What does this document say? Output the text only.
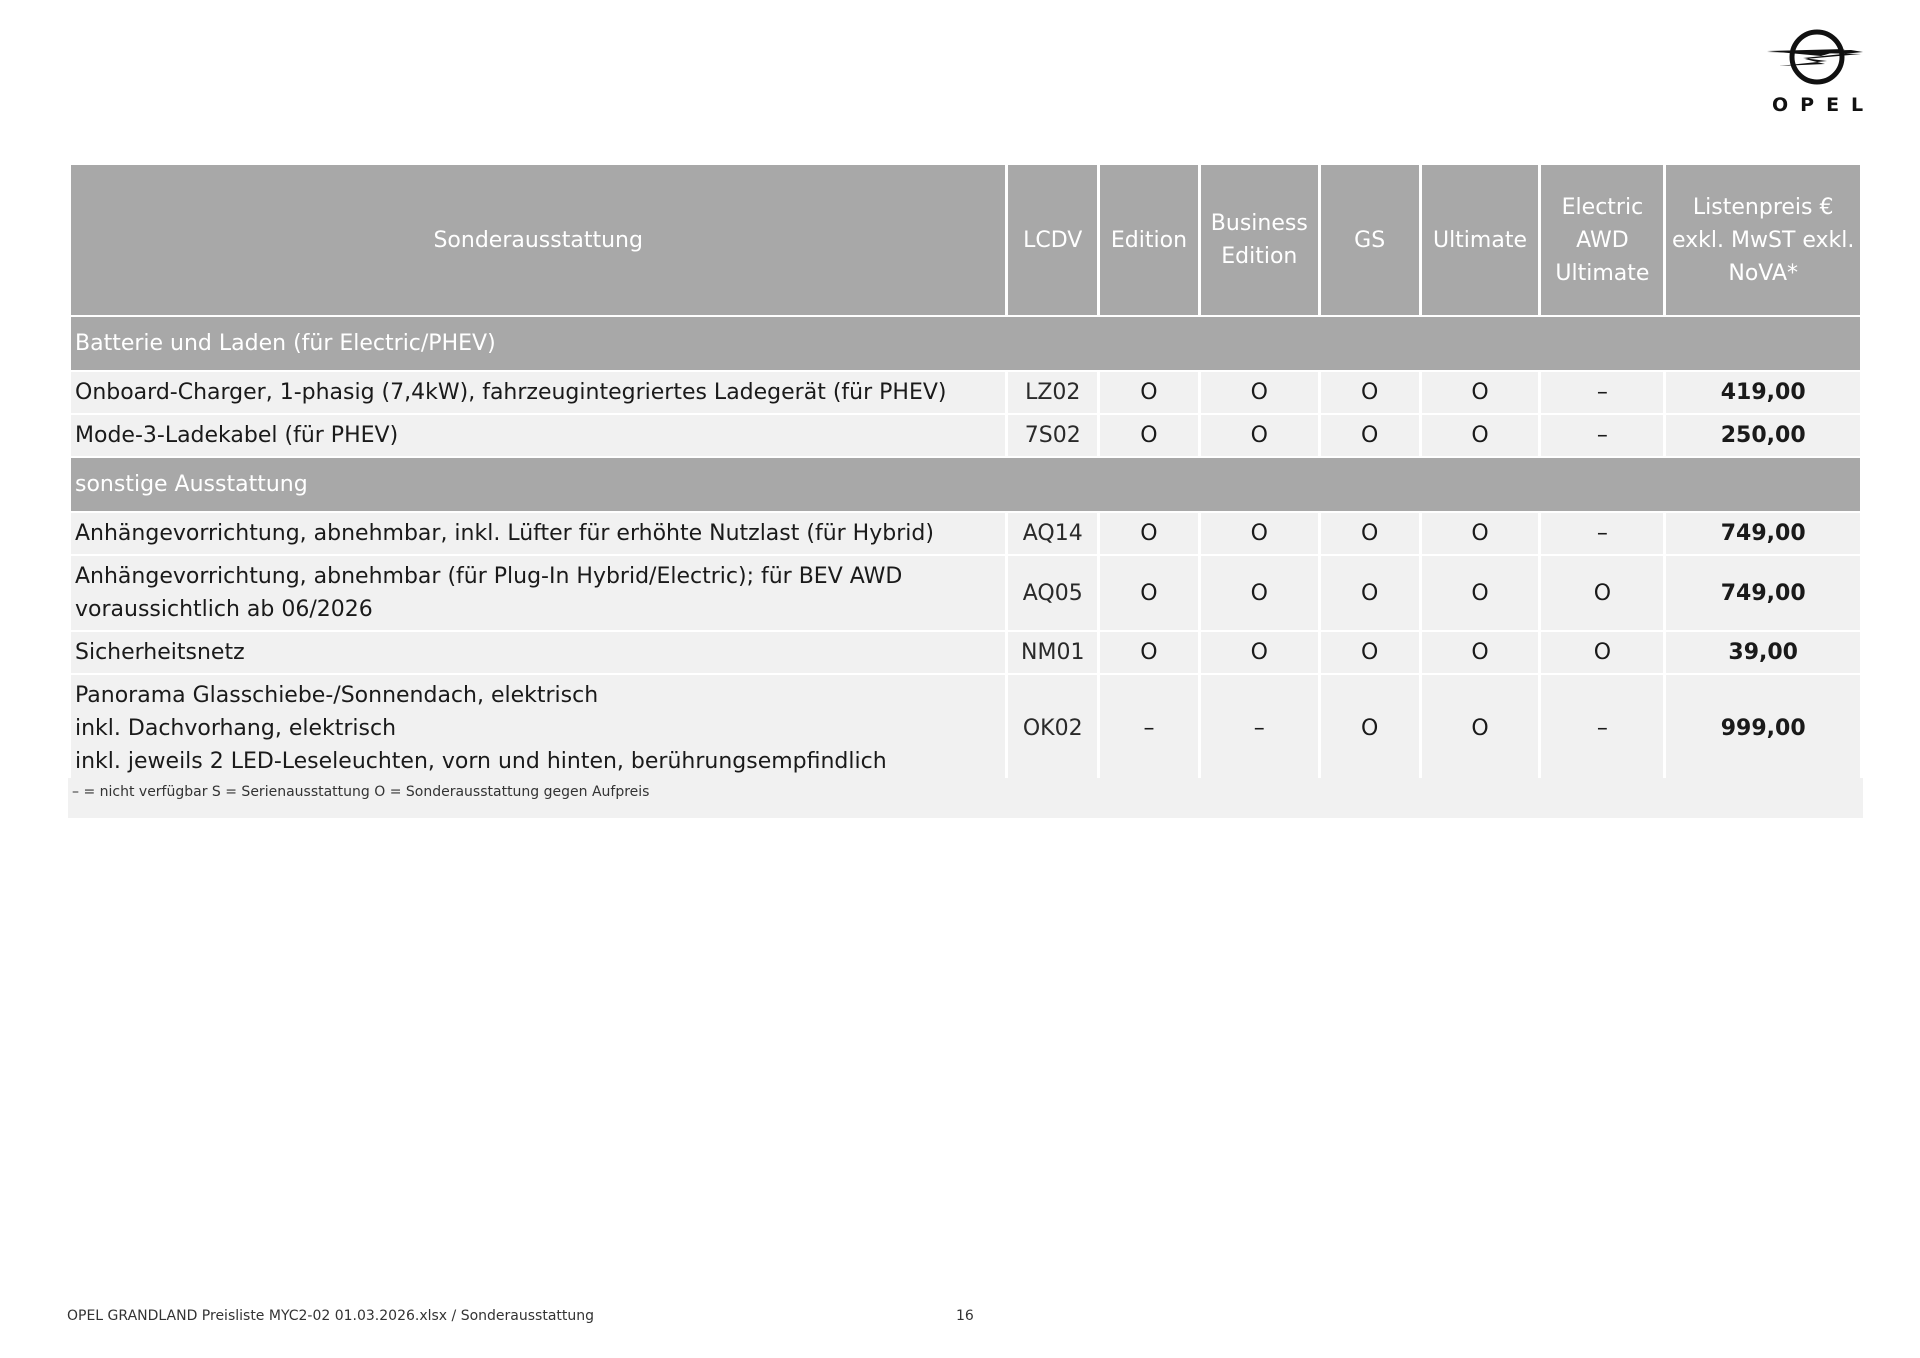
OPEL
Sonderausstattung	LCDV	Edition	Business Edition	GS	Ultimate	Electric AWD Ultimate	Listenpreis € exkl. MwST exkl. NoVA*
Batterie und Laden (für Electric/PHEV)							
Onboard-Charger, 1-phasig (7,4kW), fahrzeugintegriertes Ladegerät (für PHEV)	LZ02	O	O	O	O	–	419,00
Mode-3-Ladekabel (für PHEV)	7S02	O	O	O	O	–	250,00
sonstige Ausstattung							
Anhängevorrichtung, abnehmbar, inkl. Lüfter für erhöhte Nutzlast (für Hybrid)	AQ14	O	O	O	O	–	749,00
Anhängevorrichtung, abnehmbar (für Plug-In Hybrid/Electric); für BEV AWD
voraussichtlich ab 06/2026	AQ05	O	O	O	O	O	749,00
Sicherheitsnetz	NM01	O	O	O	O	O	39,00
Panorama Glasschiebe-/Sonnendach, elektrisch
inkl. Dachvorhang, elektrisch
inkl. jeweils 2 LED-Leseleuchten, vorn und hinten, berührungsempfindlich	OK02	–	–	O	O	–	999,00
– = nicht verfügbar S = Serienausstattung O = Sonderausstattung gegen Aufpreis
OPEL GRANDLAND Preisliste MYC2-02 01.03.2026.xlsx / Sonderausstattung	16
